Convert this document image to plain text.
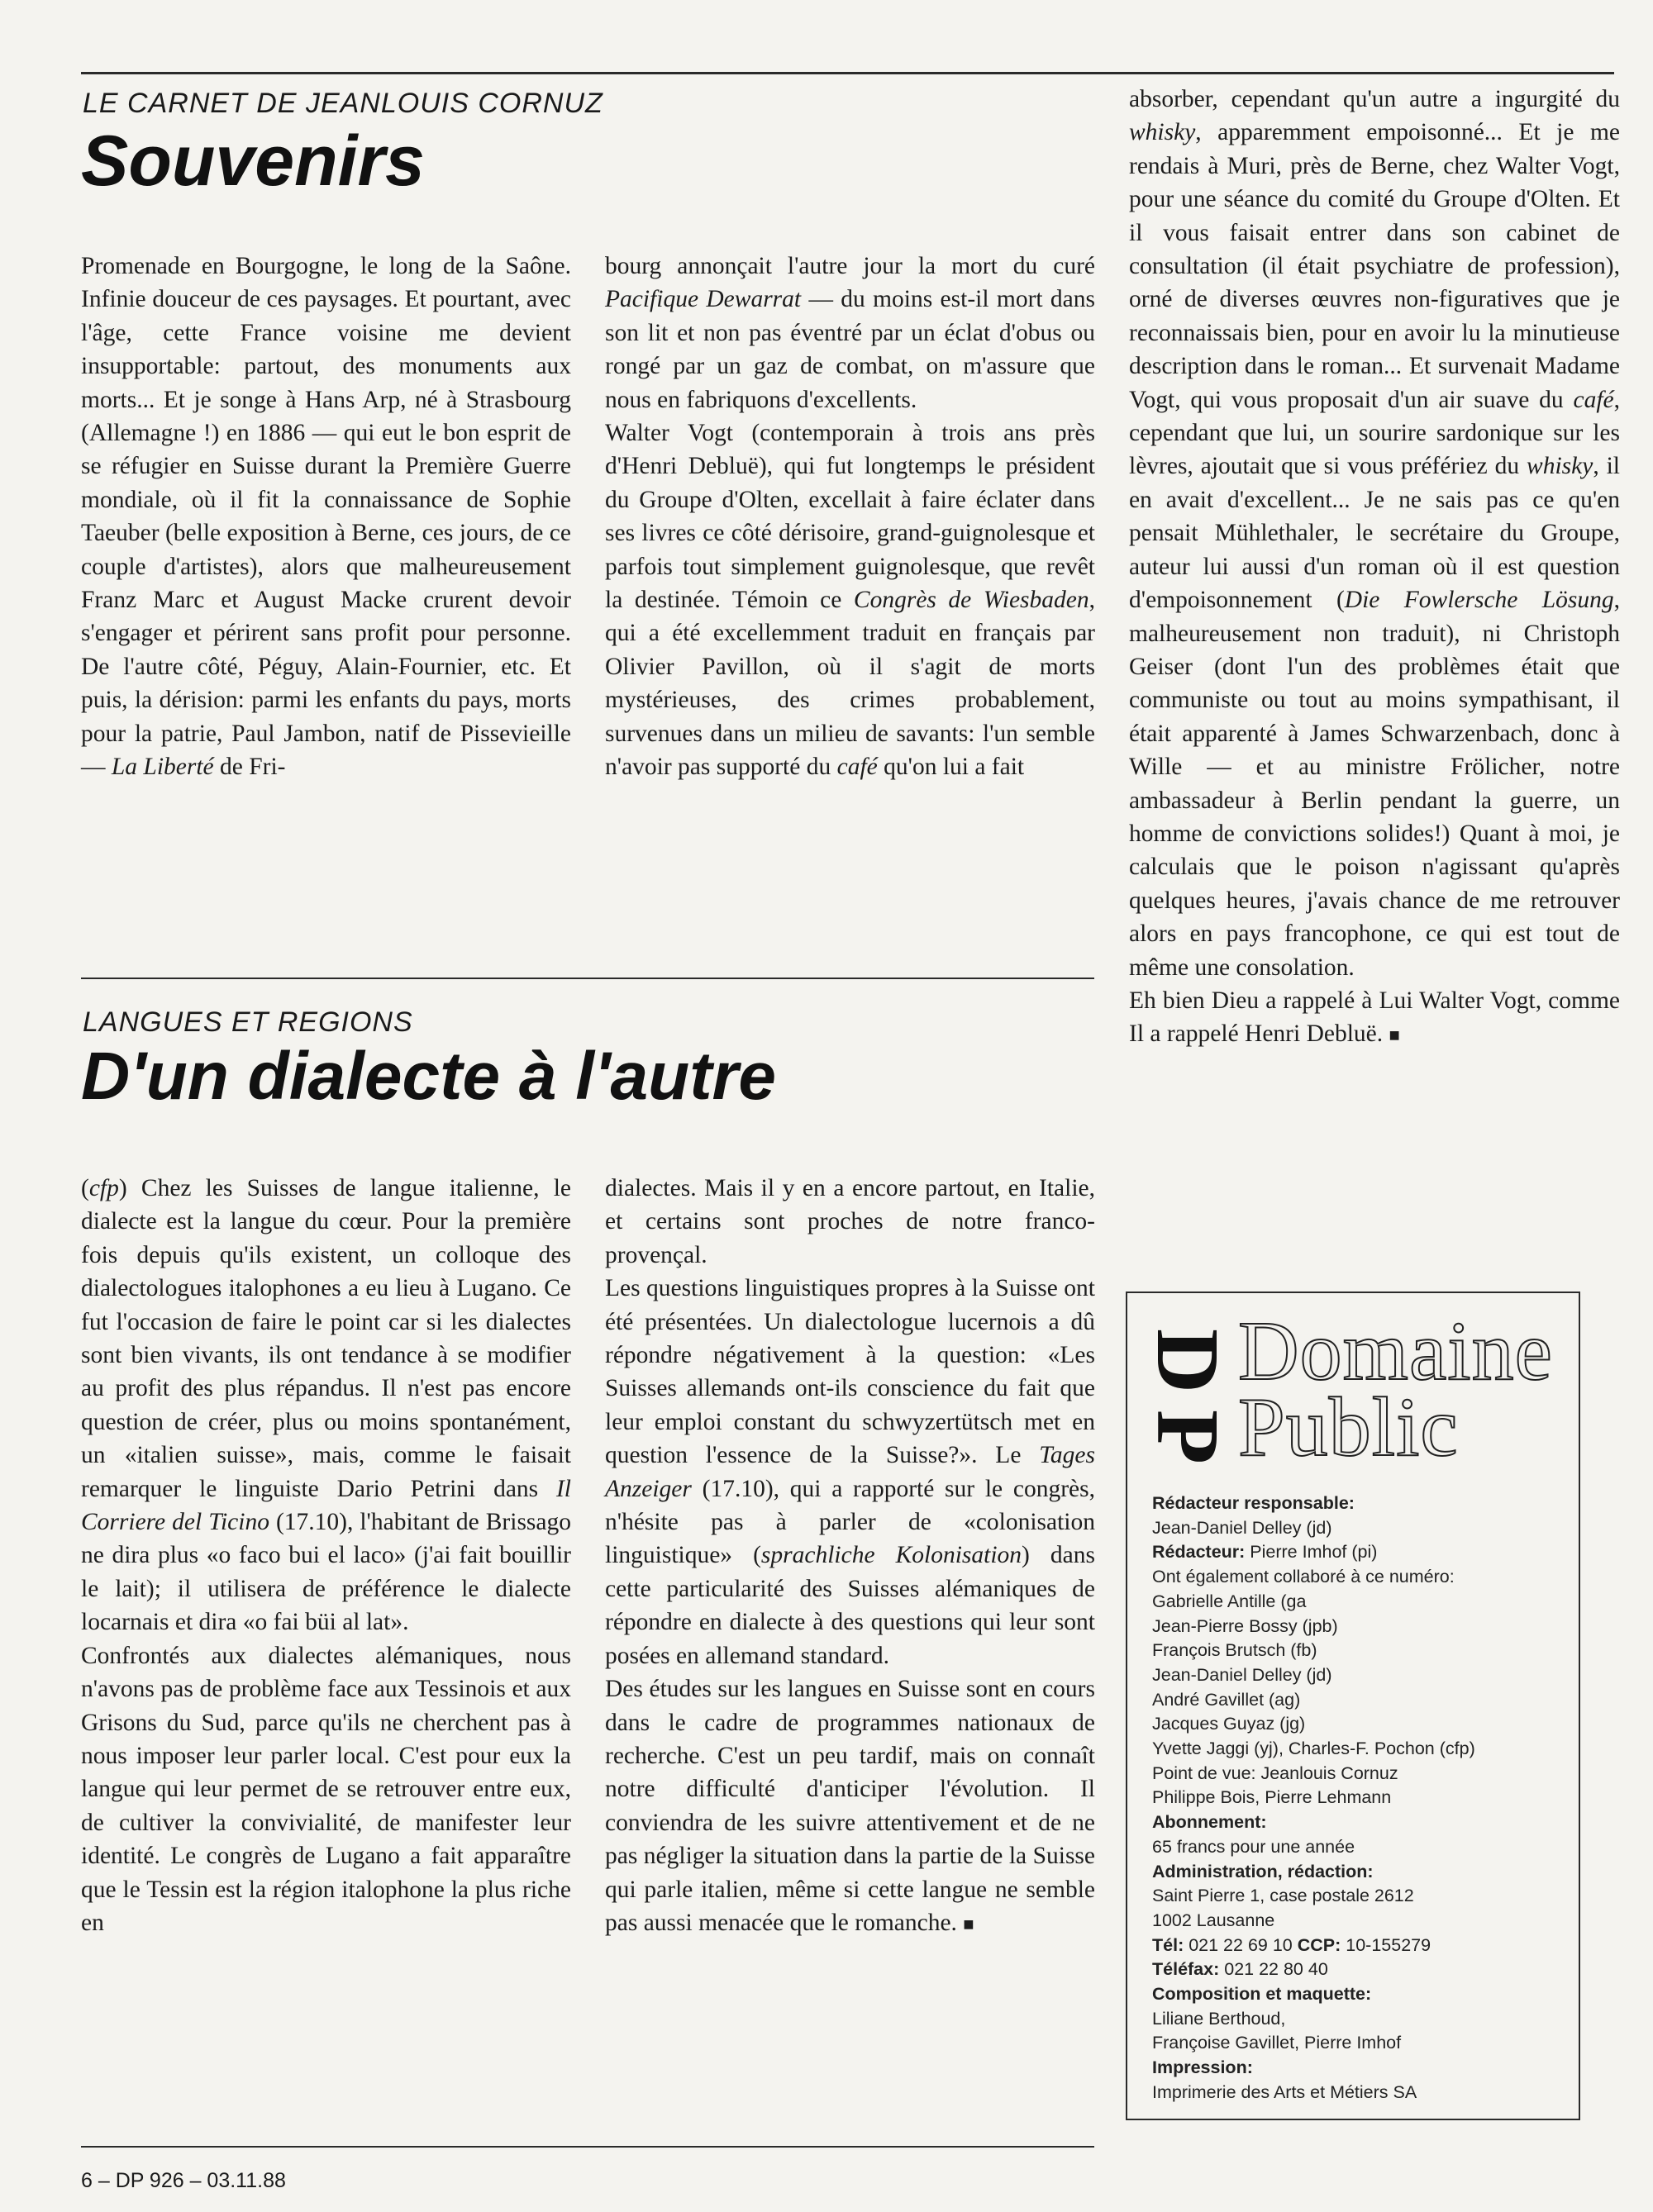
LE CARNET DE JEANLOUIS CORNUZ
Souvenirs
Promenade en Bourgogne, le long de la Saône. Infinie douceur de ces paysages. Et pourtant, avec l'âge, cette France voisine me devient insupportable: partout, des monuments aux morts... Et je songe à Hans Arp, né à Strasbourg (Allemagne !) en 1886 — qui eut le bon esprit de se réfugier en Suisse durant la Première Guerre mondiale, où il fit la connaissance de Sophie Taeuber (belle exposition à Berne, ces jours, de ce couple d'artistes), alors que malheureusement Franz Marc et August Macke crurent devoir s'engager et périrent sans profit pour personne. De l'autre côté, Péguy, Alain-Fournier, etc. Et puis, la dérision: parmi les enfants du pays, morts pour la patrie, Paul Jambon, natif de Pissevieille — La Liberté de Fri-

bourg annonçait l'autre jour la mort du curé Pacifique Dewarrat — du moins est-il mort dans son lit et non pas éventré par un éclat d'obus ou rongé par un gaz de combat, on m'assure que nous en fabriquons d'excellents.

Walter Vogt (contemporain à trois ans près d'Henri Debluë), qui fut longtemps le président du Groupe d'Olten, excellait à faire éclater dans ses livres ce côté dérisoire, grand-guignolesque et parfois tout simplement guignolesque, que revêt la destinée. Témoin ce Congrès de Wiesbaden, qui a été excellemment traduit en français par Olivier Pavillon, où il s'agit de morts mystérieuses, des crimes probablement, survenues dans un milieu de savants: l'un semble n'avoir pas supporté du café qu'on lui a fait

absorber, cependant qu'un autre a ingurgité du whisky, apparemment empoisonné... Et je me rendais à Muri, près de Berne, chez Walter Vogt, pour une séance du comité du Groupe d'Olten. Et il vous faisait entrer dans son cabinet de consultation (il était psychiatre de profession), orné de diverses œuvres non-figuratives que je reconnaissais bien, pour en avoir lu la minutieuse description dans le roman... Et survenait Madame Vogt, qui vous proposait d'un air suave du café, cependant que lui, un sourire sardonique sur les lèvres, ajoutait que si vous préfériez du whisky, il en avait d'excellent... Je ne sais pas ce qu'en pensait Mühlethaler, le secrétaire du Groupe, auteur lui aussi d'un roman où il est question d'empoisonnement (Die Fowlersche Lösung, malheureusement non traduit), ni Christoph Geiser (dont l'un des problèmes était que communiste ou tout au moins sympathisant, il était apparenté à James Schwarzenbach, donc à Wille — et au ministre Frölicher, notre ambassadeur à Berlin pendant la guerre, un homme de convictions solides!) Quant à moi, je calculais que le poison n'agissant qu'après quelques heures, j'avais chance de me retrouver alors en pays francophone, ce qui est tout de même une consolation.

Eh bien Dieu a rappelé à Lui Walter Vogt, comme Il a rappelé Henri Debluë. ■

LANGUES ET REGIONS
D'un dialecte à l'autre

(cfp) Chez les Suisses de langue italienne, le dialecte est la langue du cœur. Pour la première fois depuis qu'ils existent, un colloque des dialectologues italophones a eu lieu à Lugano. Ce fut l'occasion de faire le point car si les dialectes sont bien vivants, ils ont tendance à se modifier au profit des plus répandus. Il n'est pas encore question de créer, plus ou moins spontanément, un «italien suisse», mais, comme le faisait remarquer le linguiste Dario Petrini dans Il Corriere del Ticino (17.10), l'habitant de Brissago ne dira plus «o faco bui el laco» (j'ai fait bouillir le lait); il utilisera de préférence le dialecte locarnais et dira «o fai büi al lat».

Confrontés aux dialectes alémaniques, nous n'avons pas de problème face aux Tessinois et aux Grisons du Sud, parce qu'ils ne cherchent pas à nous imposer leur parler local. C'est pour eux la langue qui leur permet de se retrouver entre eux, de cultiver la convivialité, de manifester leur identité. Le congrès de Lugano a fait apparaître que le Tessin est la région italophone la plus riche en

dialectes. Mais il y en a encore partout, en Italie, et certains sont proches de notre franco-provençal.

Les questions linguistiques propres à la Suisse ont été présentées. Un dialectologue lucernois a dû répondre négativement à la question: «Les Suisses allemands ont-ils conscience du fait que leur emploi constant du schwyzertütsch met en question l'essence de la Suisse?». Le Tages Anzeiger (17.10), qui a rapporté sur le congrès, n'hésite pas à parler de «colonisation linguistique» (sprachliche Kolonisation) dans cette particularité des Suisses alémaniques de répondre en dialecte à des questions qui leur sont posées en allemand standard.

Des études sur les langues en Suisse sont en cours dans le cadre de programmes nationaux de recherche. C'est un peu tardif, mais on connaît notre difficulté d'anticiper l'évolution. Il conviendra de les suivre attentivement et de ne pas négliger la situation dans la partie de la Suisse qui parle italien, même si cette langue ne semble pas aussi menacée que le romanche. ■

D
P
Domaine
Public
Rédacteur responsable:
Jean-Daniel Delley (jd)
Rédacteur: Pierre Imhof (pi)
Ont également collaboré à ce numéro:
Gabrielle Antille (ga
Jean-Pierre Bossy (jpb)
François Brutsch (fb)
Jean-Daniel Delley (jd)
André Gavillet (ag)
Jacques Guyaz (jg)
Yvette Jaggi (yj), Charles-F. Pochon (cfp)
Point de vue: Jeanlouis Cornuz
Philippe Bois, Pierre Lehmann
Abonnement:
65 francs pour une année
Administration, rédaction:
Saint Pierre 1, case postale 2612
1002 Lausanne
Tél: 021 22 69 10 CCP: 10-155279
Téléfax: 021 22 80 40
Composition et maquette:
Liliane Berthoud,
Françoise Gavillet, Pierre Imhof
Impression:
Imprimerie des Arts et Métiers SA
6 – DP 926 – 03.11.88
